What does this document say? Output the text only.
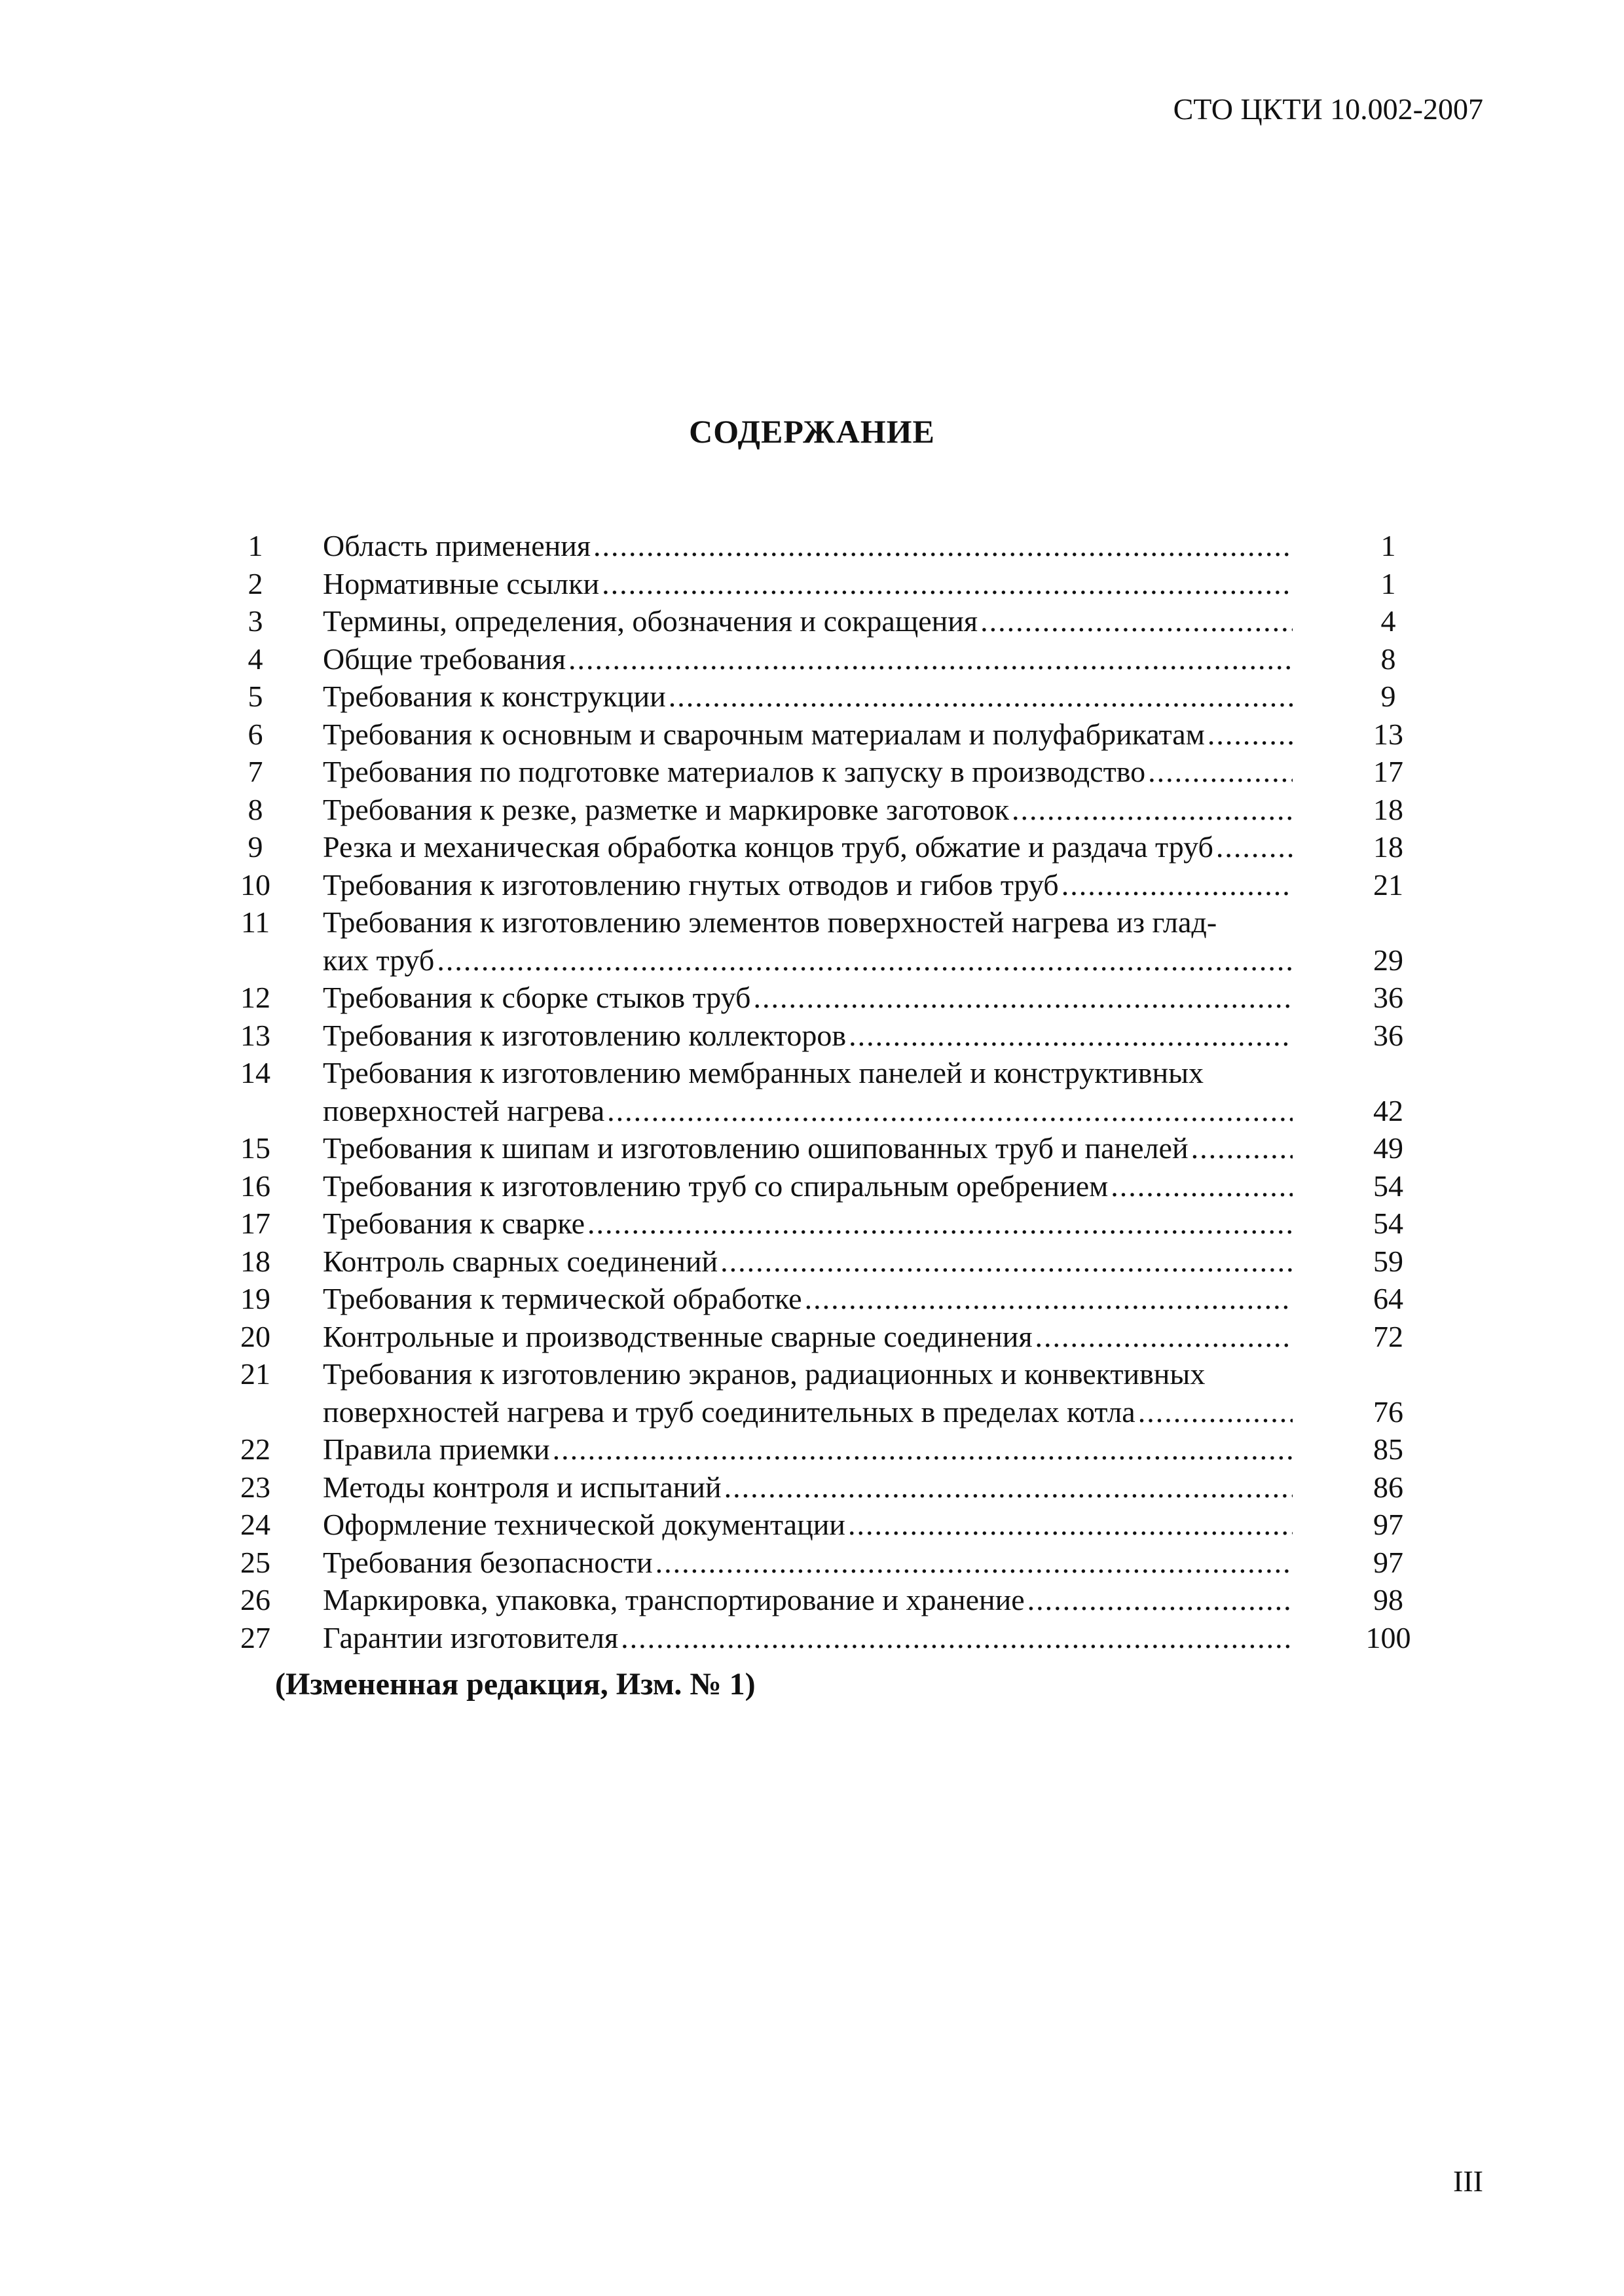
СТО ЦКТИ 10.002-2007
СОДЕРЖАНИЕ
1	Область применения .....	1
2	Нормативные ссылки .....	1
3	Термины, определения, обозначения и сокращения .....	4
4	Общие требования .....	8
5	Требования к конструкции .....	9
6	Требования к основным и сварочным материалам и полуфабрикатам .....	13
7	Требования по подготовке материалов к запуску в производство .....	17
8	Требования к резке, разметке и маркировке заготовок .....	18
9	Резка и механическая обработка концов труб, обжатие и раздача труб .....	18
10	Требования к изготовлению гнутых отводов и гибов труб .....	21
11	Требования к изготовлению элементов поверхностей нагрева из глад-
ких труб .....	29
12	Требования к сборке стыков труб .....	36
13	Требования к изготовлению коллекторов .....	36
14	Требования к изготовлению мембранных панелей и конструктивных
поверхностей нагрева .....	42
15	Требования к шипам и изготовлению ошипованных труб и панелей .....	49
16	Требования к изготовлению труб со спиральным оребрением .....	54
17	Требования к сварке .....	54
18	Контроль сварных соединений .....	59
19	Требования к термической обработке .....	64
20	Контрольные и производственные сварные соединения .....	72
21	Требования к изготовлению экранов, радиационных и конвективных
поверхностей нагрева и труб соединительных в пределах котла .....	76
22	Правила приемки .....	85
23	Методы контроля и испытаний .....	86
24	Оформление технической документации .....	97
25	Требования безопасности .....	97
26	Маркировка, упаковка, транспортирование и хранение .....	98
27	Гарантии изготовителя .....	100
(Измененная редакция, Изм. № 1)
III
